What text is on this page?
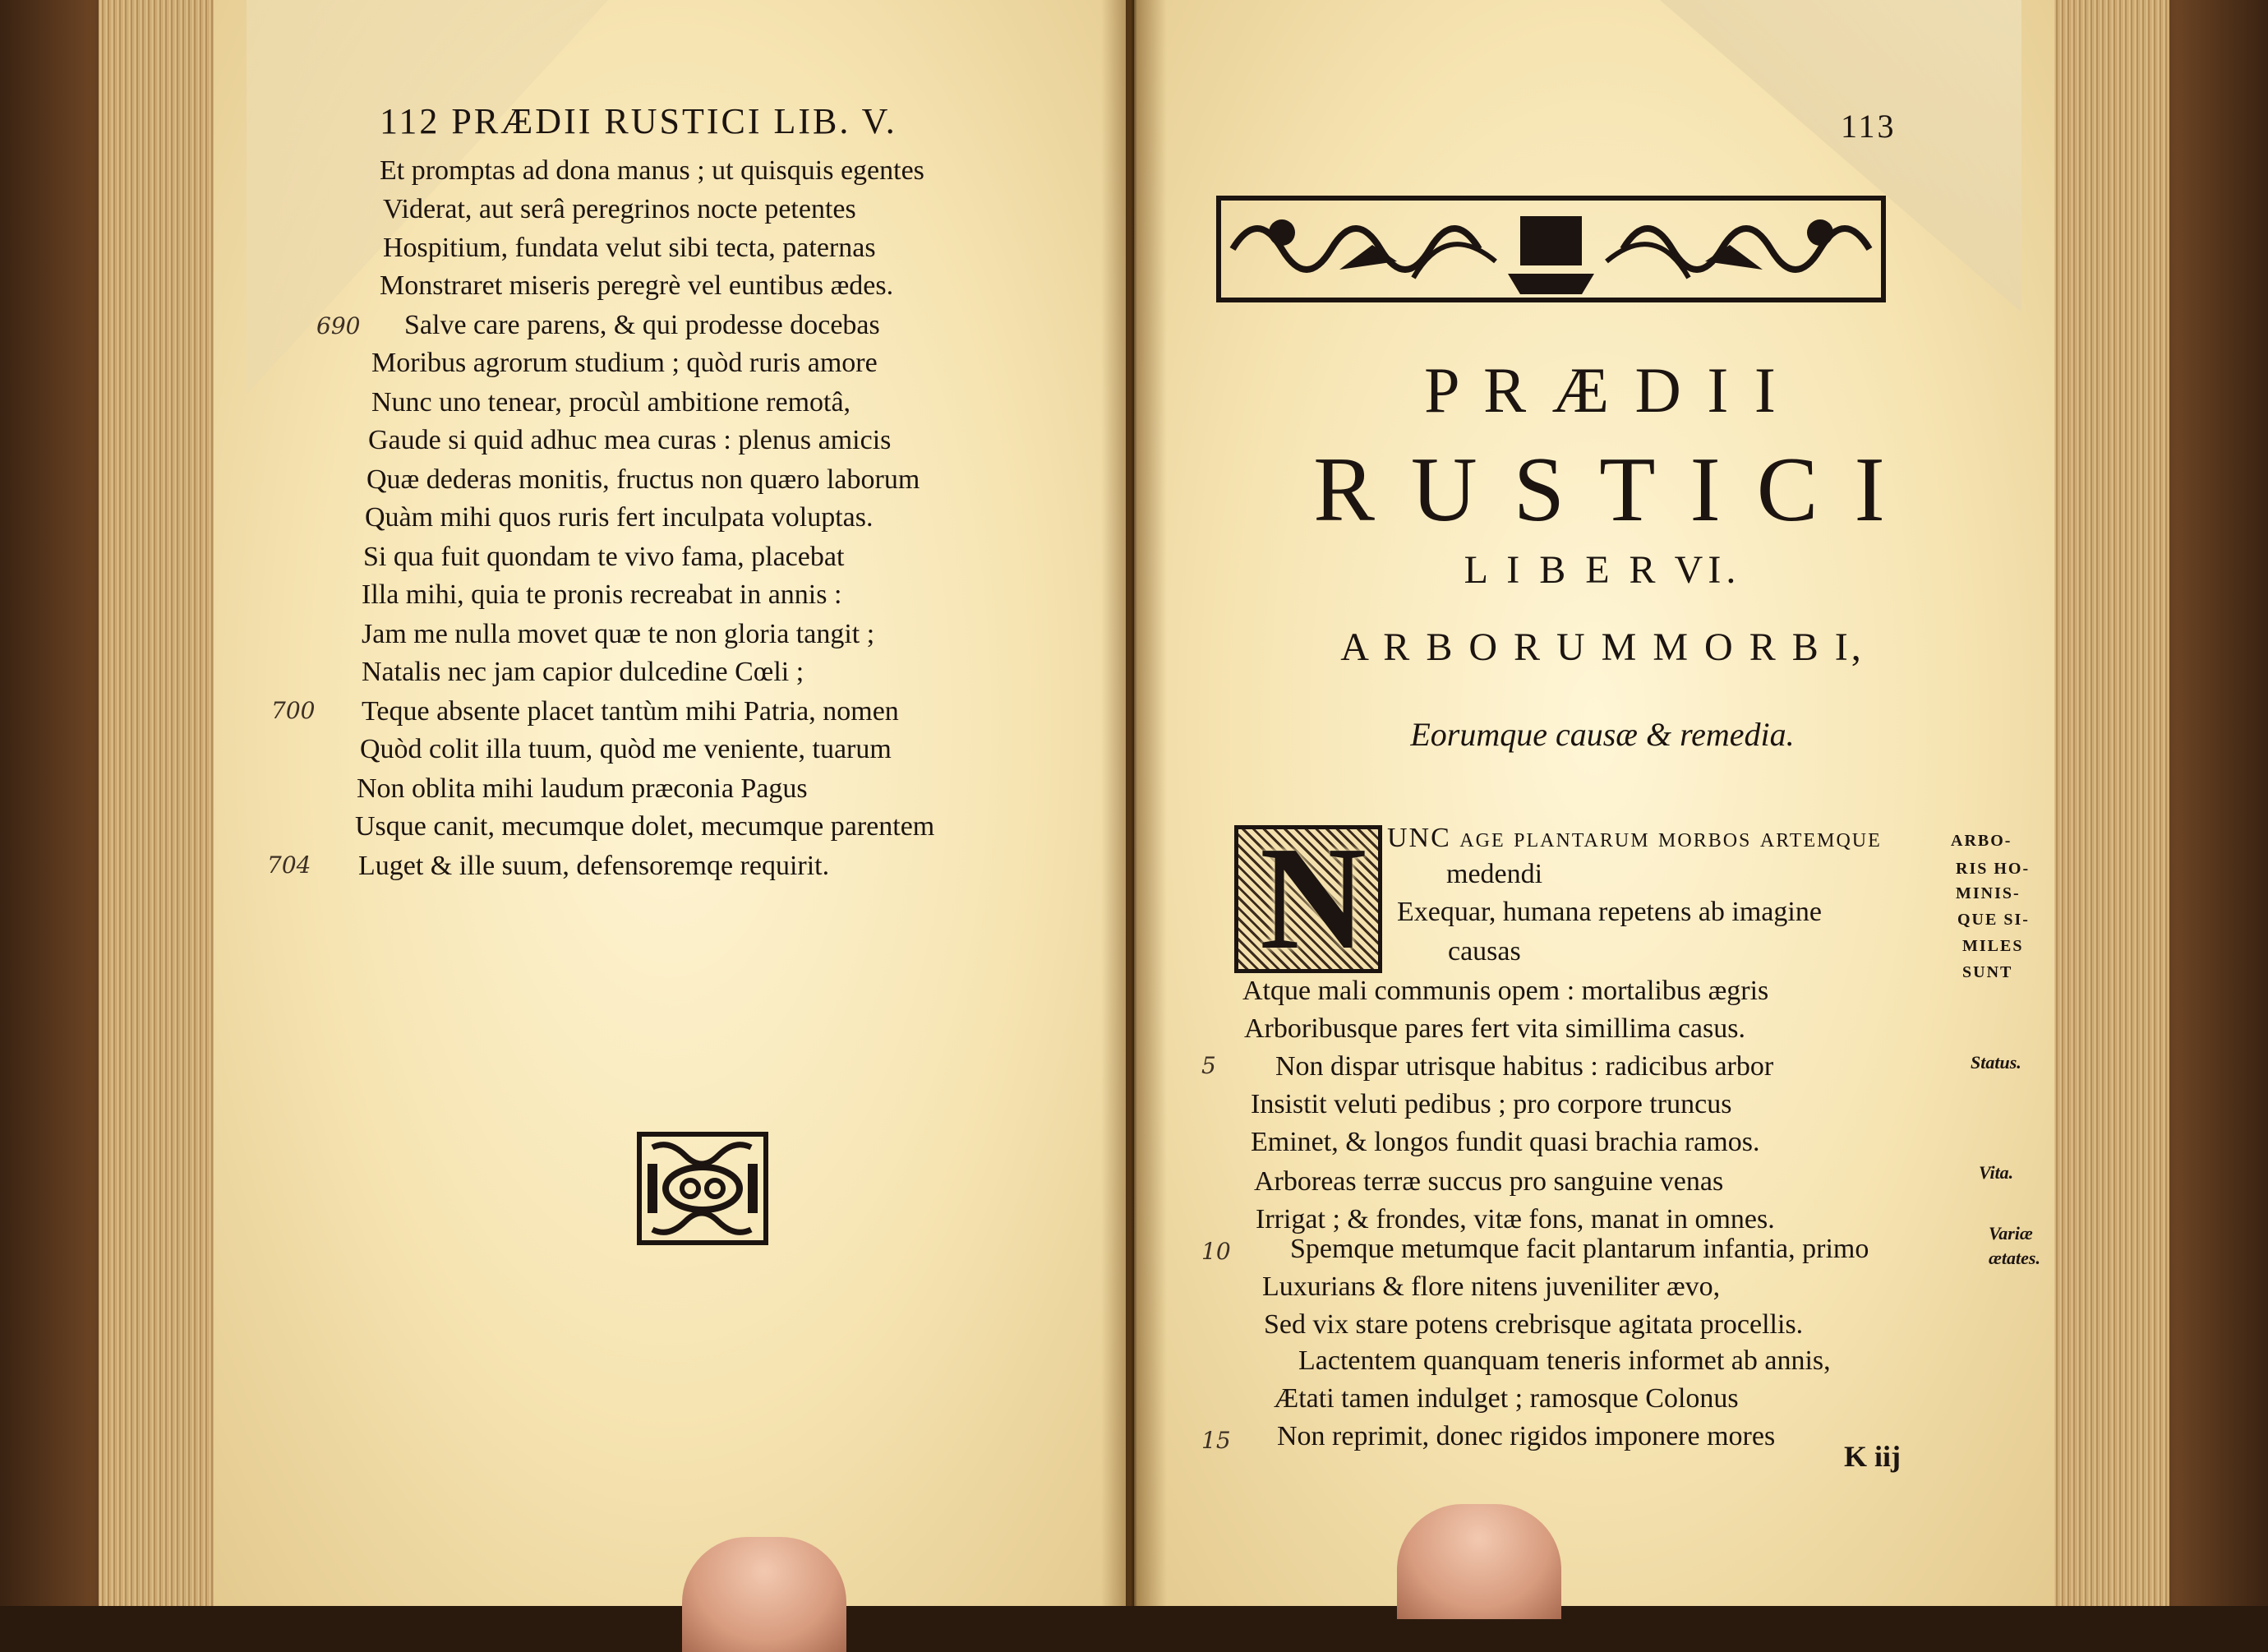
112 PRÆDII RUSTICI LIB. V.
Et promptas ad dona manus ; ut quisquis egentes
Viderat, aut serâ peregrinos nocte petentes
Hospitium, fundata velut sibi tecta, paternas
Monstraret miseris peregrè vel euntibus ædes.
Salve care parens, & qui prodesse docebas
Moribus agrorum studium ; quòd ruris amore
Nunc uno tenear, procùl ambitione remotâ,
Gaude si quid adhuc mea curas : plenus amicis
Quæ dederas monitis, fructus non quæro laborum
Quàm mihi quos ruris fert inculpata voluptas.
Si qua fuit quondam te vivo fama, placebat
Illa mihi, quia te pronis recreabat in annis :
Jam me nulla movet quæ te non gloria tangit ;
Natalis nec jam capior dulcedine Cœli ;
Teque absente placet tantùm mihi Patria, nomen
Quòd colit illa tuum, quòd me veniente, tuarum
Non oblita mihi laudum præconia Pagus
Usque canit, mecumque dolet, mecumque parentem
Luget & ille suum, defensoremqe requirit.
690
700
704
113
P R Æ D I I
R U S T I C I
L I B E R VI.
A R B O R U M M O R B I,
Eorumque causæ & remedia.
N UNC age plantarum morbos artemque
medendi
Exequar, humana repetens ab imagine
causas
Atque mali communis opem : mortalibus ægris
Arboribusque pares fert vita simillima casus.
Non dispar utrisque habitus : radicibus arbor
Insistit veluti pedibus ; pro corpore truncus
Eminet, & longos fundit quasi brachia ramos.
Arboreas terræ succus pro sanguine venas
Irrigat ; & frondes, vitæ fons, manat in omnes.
Spemque metumque facit plantarum infantia, primo
Luxurians & flore nitens juveniliter ævo,
Sed vix stare potens crebrisque agitata procellis.
Lactentem quanquam teneris informet ab annis,
Ætati tamen indulget ; ramosque Colonus
Non reprimit, donec rigidos imponere mores
5
10
15
ARBO-
RIS HO-
MINIS-
QUE SI-
MILES
SUNT
Status.
Vita.
Variæ
ætates.
K iij
